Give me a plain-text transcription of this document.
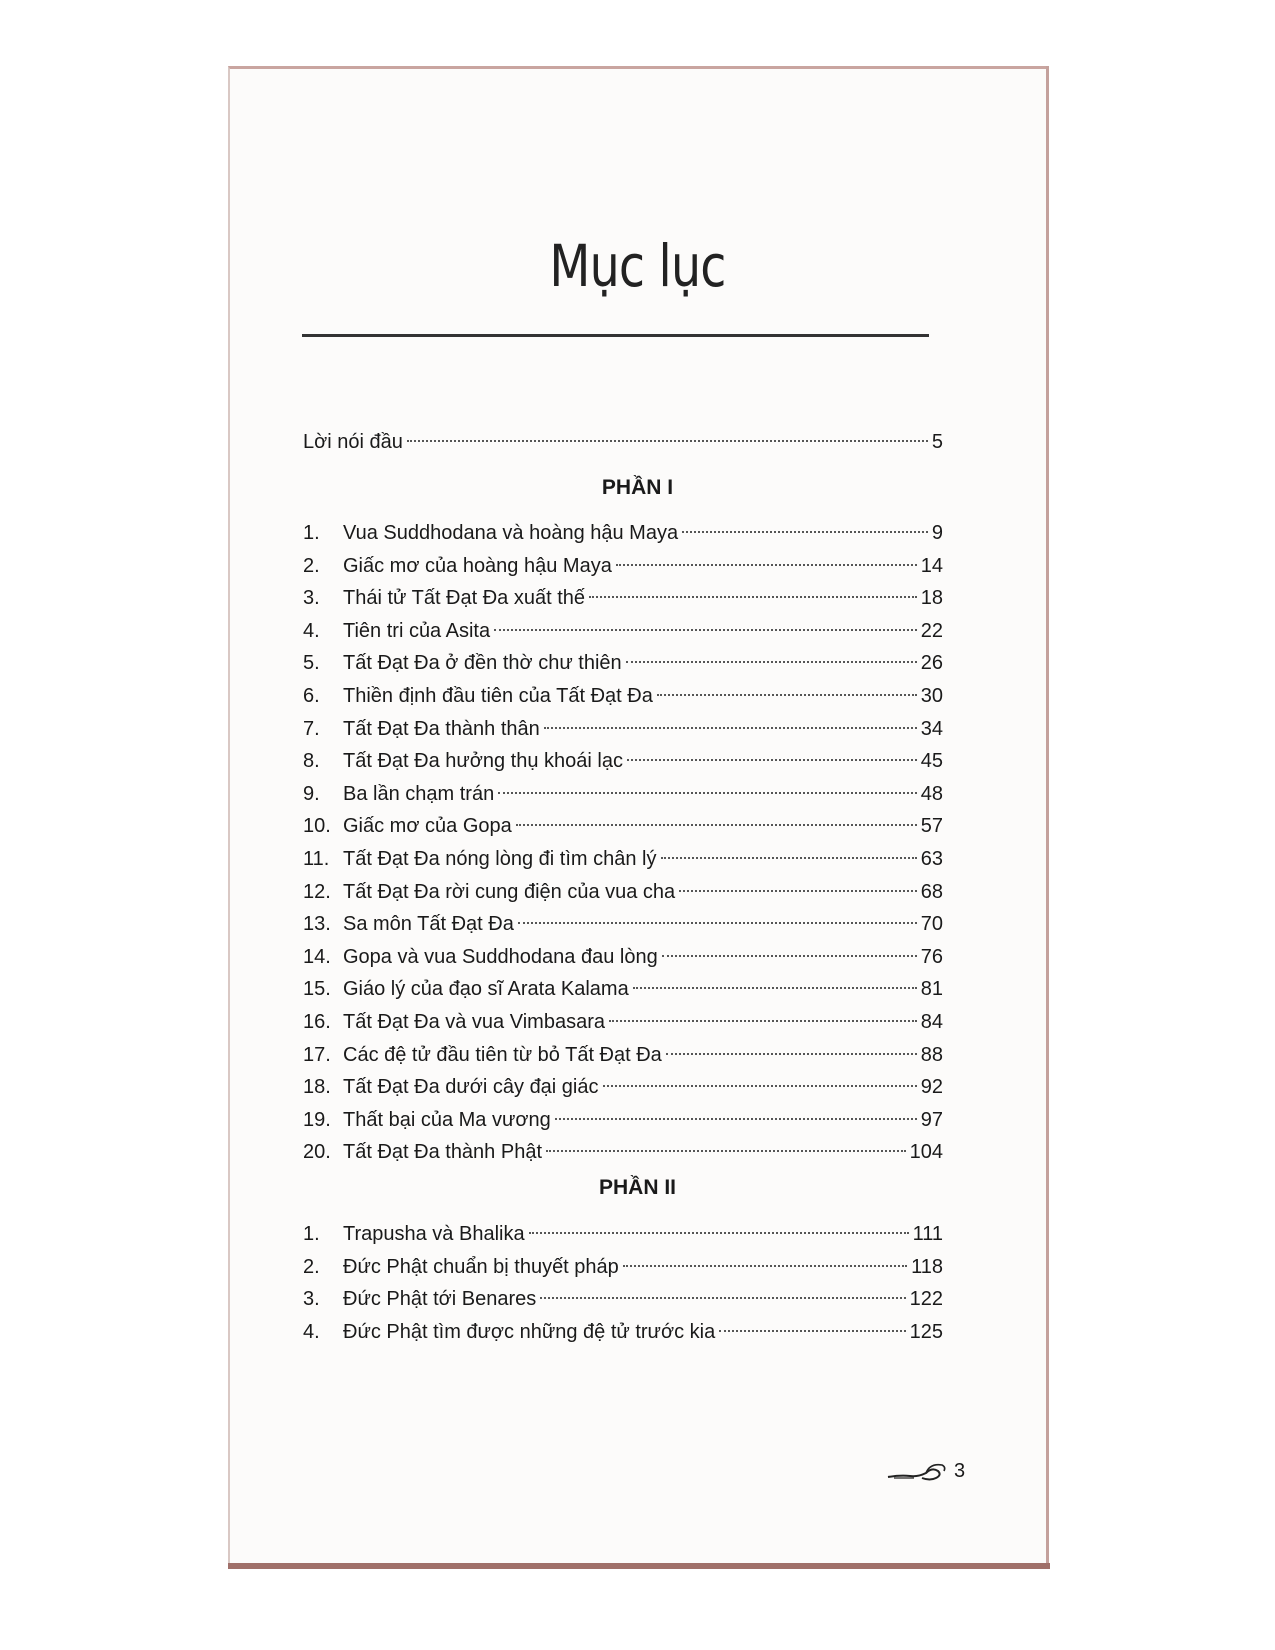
Mục lục
Lời nói đầu	5
PHẦN I
1.	Vua Suddhodana và hoàng hậu Maya	9
2.	Giấc mơ của hoàng hậu Maya	14
3.	Thái tử Tất Đạt Đa xuất thế	18
4.	Tiên tri của Asita	22
5.	Tất Đạt Đa ở đền thờ chư thiên	26
6.	Thiền định đầu tiên của Tất Đạt Đa	30
7.	Tất Đạt Đa thành thân	34
8.	Tất Đạt Đa hưởng thụ khoái lạc	45
9.	Ba lần chạm trán	48
10. Giấc mơ của Gopa	57
11. Tất Đạt Đa nóng lòng đi tìm chân lý	63
12. Tất Đạt Đa rời cung điện của vua cha	68
13. Sa môn Tất Đạt Đa	70
14. Gopa và vua Suddhodana đau lòng	76
15. Giáo lý của đạo sĩ Arata Kalama	81
16. Tất Đạt Đa và vua Vimbasara	84
17. Các đệ tử đầu tiên từ bỏ Tất Đạt Đa	88
18. Tất Đạt Đa dưới cây đại giác	92
19. Thất bại của Ma vương	97
20. Tất Đạt Đa thành Phật	104
PHẦN II
1.	Trapusha và Bhalika	111
2.	Đức Phật chuẩn bị thuyết pháp	118
3.	Đức Phật tới Benares	122
4.	Đức Phật tìm được những đệ tử trước kia	125
3
